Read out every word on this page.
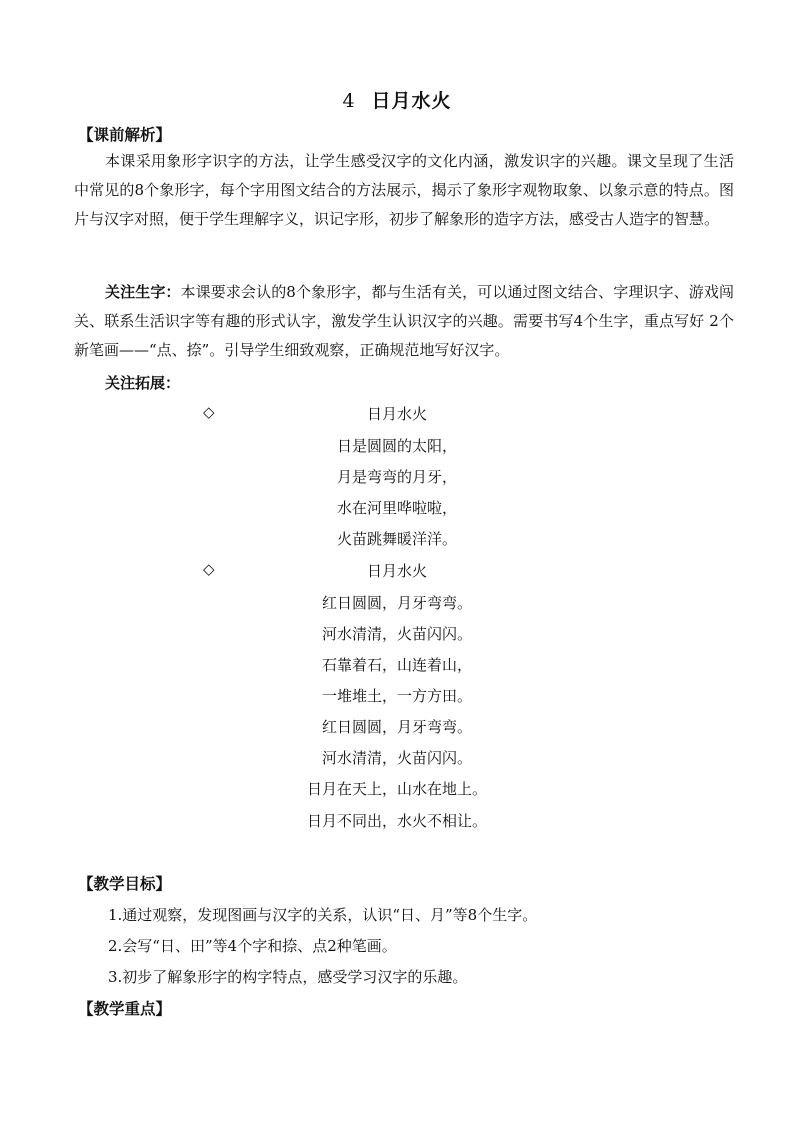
4 日月水火
【课前解析】
本课采用象形字识字的方法，让学生感受汉字的文化内涵，激发识字的兴趣。课文呈现了生活中常见的8个象形字，每个字用图文结合的方法展示，揭示了象形字观物取象、以象示意的特点。图片与汉字对照，便于学生理解字义，识记字形，初步了解象形的造字方法，感受古人造字的智慧。
关注生字：本课要求会认的8个象形字，都与生活有关，可以通过图文结合、字理识字、游戏闯关、联系生活识字等有趣的形式认字，激发学生认识汉字的兴趣。需要书写4个生字，重点写好 2个新笔画——“点、捺”。引导学生细致观察，正确规范地写好汉字。
关注拓展：
◇	日月水火
日是圆圆的太阳，
月是弯弯的月牙，
水在河里哗啦啦，
火苗跳舞暖洋洋。
◇	日月水火
红日圆圆，月牙弯弯。
河水清清，火苗闪闪。
石靠着石，山连着山，
一堆堆土，一方方田。
红日圆圆，月牙弯弯。
河水清清，火苗闪闪。
日月在天上，山水在地上。
日月不同出，水火不相让。
【教学目标】
1.通过观察，发现图画与汉字的关系，认识“日、月”等8个生字。
2.会写“日、田”等4个字和捺、点2种笔画。
3.初步了解象形字的构字特点，感受学习汉字的乐趣。
【教学重点】
